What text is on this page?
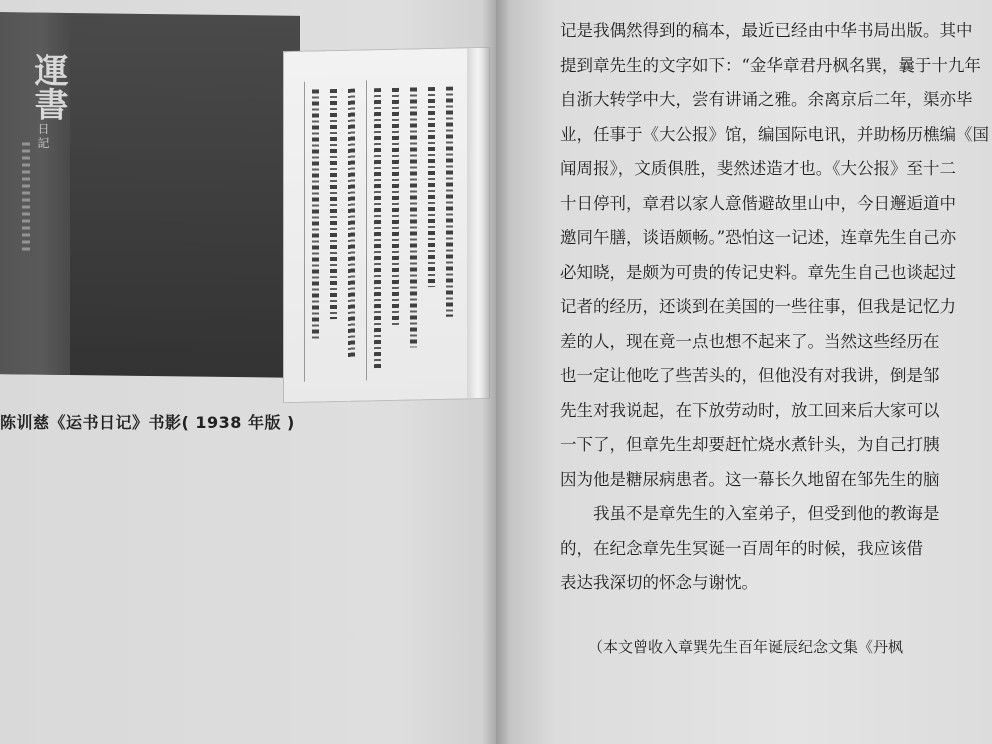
運書
日記
陈训慈《运书日记》书影( 1938 年版 )
记是我偶然得到的稿本，最近已经由中华书局出版。其中
提到章先生的文字如下：“金华章君丹枫名巽，曩于十九年
自浙大转学中大，尝有讲诵之雅。余离京后二年，渠亦毕
业，任事于《大公报》馆，编国际电讯，并助杨历樵编《国
闻周报》，文质俱胜，斐然述造才也。《大公报》至十二
十日停刊，章君以家人意偕避故里山中，今日邂逅道中
邀同午膳，谈语颇畅。”恐怕这一记述，连章先生自己亦
必知晓，是颇为可贵的传记史料。章先生自己也谈起过
记者的经历，还谈到在美国的一些往事，但我是记忆力
差的人，现在竟一点也想不起来了。当然这些经历在
也一定让他吃了些苦头的，但他没有对我讲，倒是邹
先生对我说起，在下放劳动时，放工回来后大家可以
一下了，但章先生却要赶忙烧水煮针头，为自己打胰
因为他是糖尿病患者。这一幕长久地留在邹先生的脑
我虽不是章先生的入室弟子，但受到他的教诲是
的，在纪念章先生冥诞一百周年的时候，我应该借
表达我深切的怀念与谢忱。
（本文曾收入章巽先生百年诞辰纪念文集《丹枫
